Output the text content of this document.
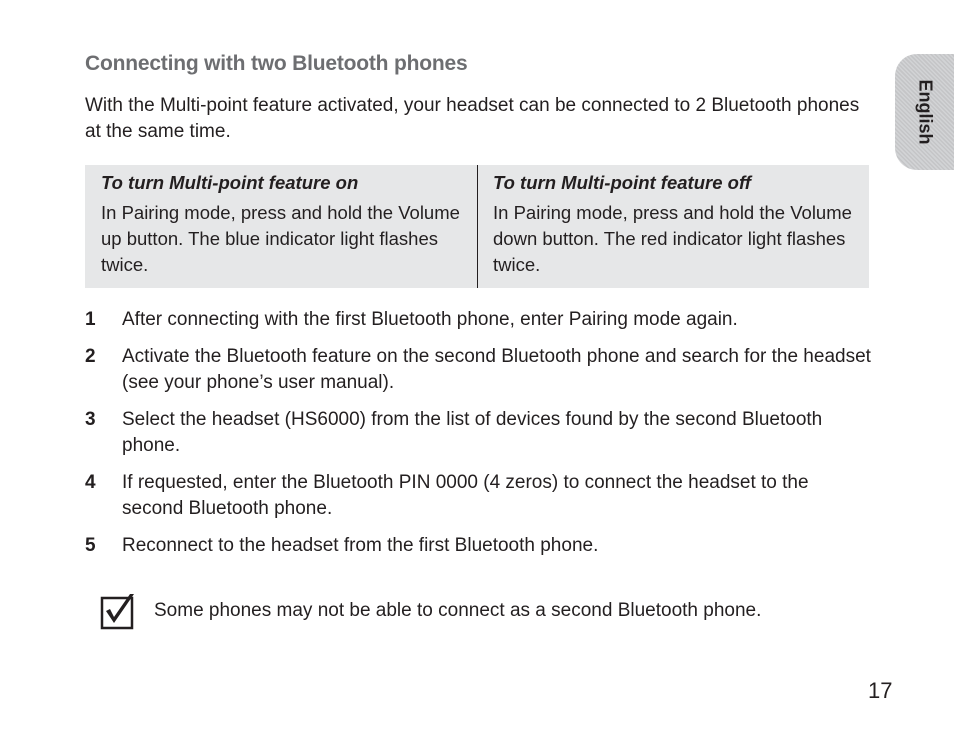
Connecting with two Bluetooth phones

With the Multi-point feature activated, your headset can be connected to 2 Bluetooth phones at the same time.	English

To turn Multi-point feature on

In Pairing mode, press and hold the Volume up button. The blue indicator light flashes twice.

To turn Multi-point feature off

In Pairing mode, press and hold the Volume down button. The red indicator light flashes twice.

1	After connecting with the first Bluetooth phone, enter Pairing mode again.
2	Activate the Bluetooth feature on the second Bluetooth phone and search for the headset (see your phone’s user manual).
3	Select the headset (HS6000) from the list of devices found by the second Bluetooth phone.
4	If requested, enter the Bluetooth PIN 0000 (4 zeros) to connect the headset to the second Bluetooth phone.
5	Reconnect to the headset from the first Bluetooth phone.

Some phones may not be able to connect as a second Bluetooth phone.

17
